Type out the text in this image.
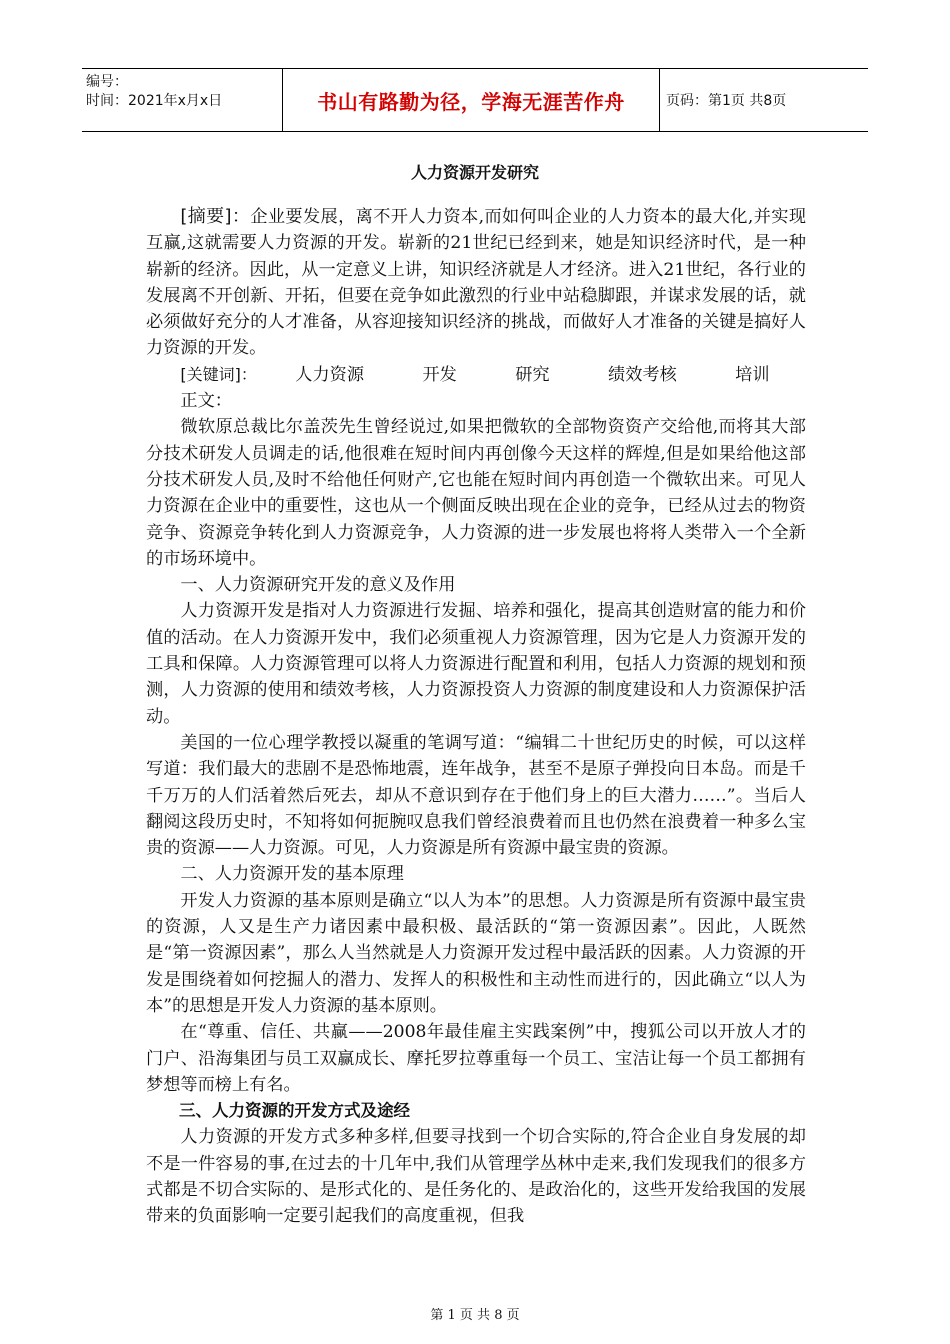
编号：
时间：2021年x月x日	书山有路勤为径，学海无涯苦作舟	页码：第1页 共8页
人力资源开发研究

[摘要]：企业要发展，离不开人力资本,而如何叫企业的人力资本的最大化,并实现互赢,这就需要人力资源的开发。崭新的21世纪已经到来，她是知识经济时代，是一种崭新的经济。因此，从一定意义上讲，知识经济就是人才经济。进入21世纪，各行业的发展离不开创新、开拓，但要在竞争如此激烈的行业中站稳脚跟，并谋求发展的话，就必须做好充分的人才准备，从容迎接知识经济的挑战，而做好人才准备的关键是搞好人力资源的开发。

[关键词]：	人力资源	开发	研究	绩效考核	培训

正文：

微软原总裁比尔盖茨先生曾经说过,如果把微软的全部物资资产交给他,而将其大部分技术研发人员调走的话,他很难在短时间内再创像今天这样的辉煌,但是如果给他这部分技术研发人员,及时不给他任何财产,它也能在短时间内再创造一个微软出来。可见人力资源在企业中的重要性，这也从一个侧面反映出现在企业的竞争，已经从过去的物资竞争、资源竞争转化到人力资源竞争，人力资源的进一步发展也将将人类带入一个全新的市场环境中。

一、人力资源研究开发的意义及作用

人力资源开发是指对人力资源进行发掘、培养和强化，提高其创造财富的能力和价值的活动。在人力资源开发中，我们必须重视人力资源管理，因为它是人力资源开发的工具和保障。人力资源管理可以将人力资源进行配置和利用，包括人力资源的规划和预测，人力资源的使用和绩效考核，人力资源投资人力资源的制度建设和人力资源保护活动。

美国的一位心理学教授以凝重的笔调写道：“编辑二十世纪历史的时候，可以这样写道：我们最大的悲剧不是恐怖地震，连年战争，甚至不是原子弹投向日本岛。而是千千万万的人们活着然后死去，却从不意识到存在于他们身上的巨大潜力……”。当后人翻阅这段历史时，不知将如何扼腕叹息我们曾经浪费着而且也仍然在浪费着一种多么宝贵的资源——人力资源。可见，人力资源是所有资源中最宝贵的资源。

二、人力资源开发的基本原理

开发人力资源的基本原则是确立“以人为本”的思想。人力资源是所有资源中最宝贵的资源，人又是生产力诸因素中最积极、最活跃的“第一资源因素”。因此，人既然是“第一资源因素”，那么人当然就是人力资源开发过程中最活跃的因素。人力资源的开发是围绕着如何挖掘人的潜力、发挥人的积极性和主动性而进行的，因此确立“以人为本”的思想是开发人力资源的基本原则。

在“尊重、信任、共赢——2008年最佳雇主实践案例”中，搜狐公司以开放人才的门户、沿海集团与员工双赢成长、摩托罗拉尊重每一个员工、宝洁让每一个员工都拥有梦想等而榜上有名。

三、人力资源的开发方式及途经

人力资源的开发方式多种多样,但要寻找到一个切合实际的,符合企业自身发展的却不是一件容易的事,在过去的十几年中,我们从管理学丛林中走来,我们发现我们的很多方式都是不切合实际的、是形式化的、是任务化的、是政治化的，这些开发给我国的发展带来的负面影响一定要引起我们的高度重视，但我

第 1 页 共 8 页
